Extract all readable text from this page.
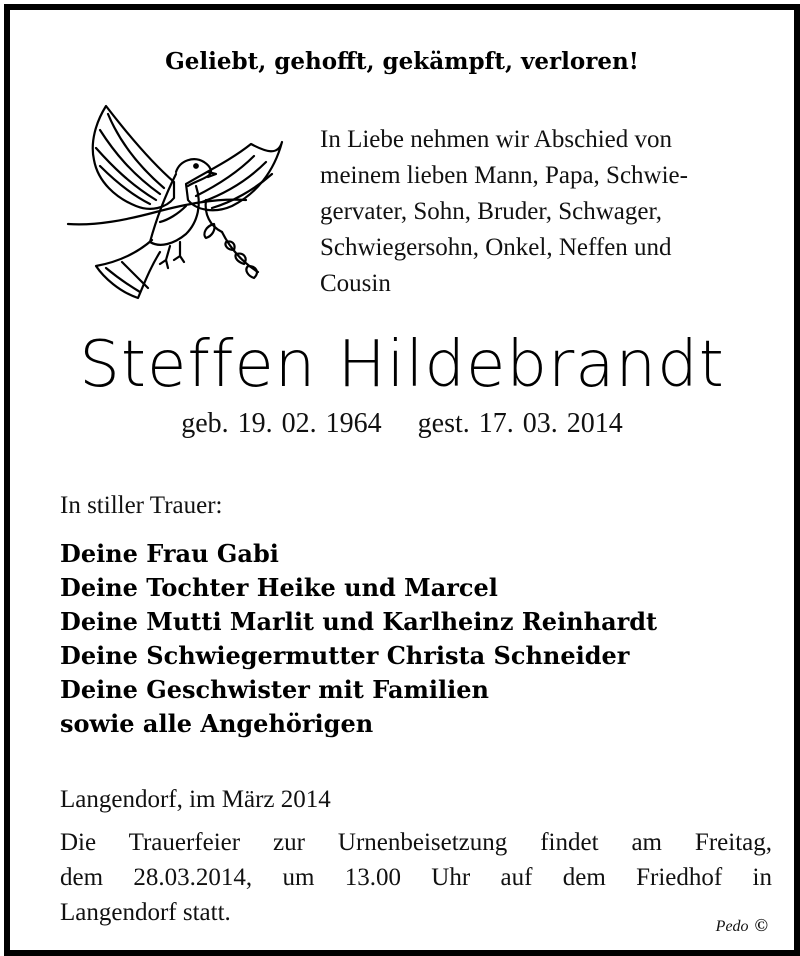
Geliebt, gehofft, gekämpft, verloren!
In Liebe nehmen wir Abschied von
meinem lieben Mann, Papa, Schwie-
gervater, Sohn, Bruder, Schwager,
Schwiegersohn, Onkel, Neffen und
Cousin
Steffen Hildebrandt
geb. 19. 02. 1964 gest. 17. 03. 2014
In stiller Trauer:
Deine Frau Gabi
Deine Tochter Heike und Marcel
Deine Mutti Marlit und Karlheinz Reinhardt
Deine Schwiegermutter Christa Schneider
Deine Geschwister mit Familien
sowie alle Angehörigen
Langendorf, im März 2014
Die Trauerfeier zur Urnenbeisetzung findet am Freitag,
dem 28.03.2014, um 13.00 Uhr auf dem Friedhof in
Langendorf statt.
Pedo ©
